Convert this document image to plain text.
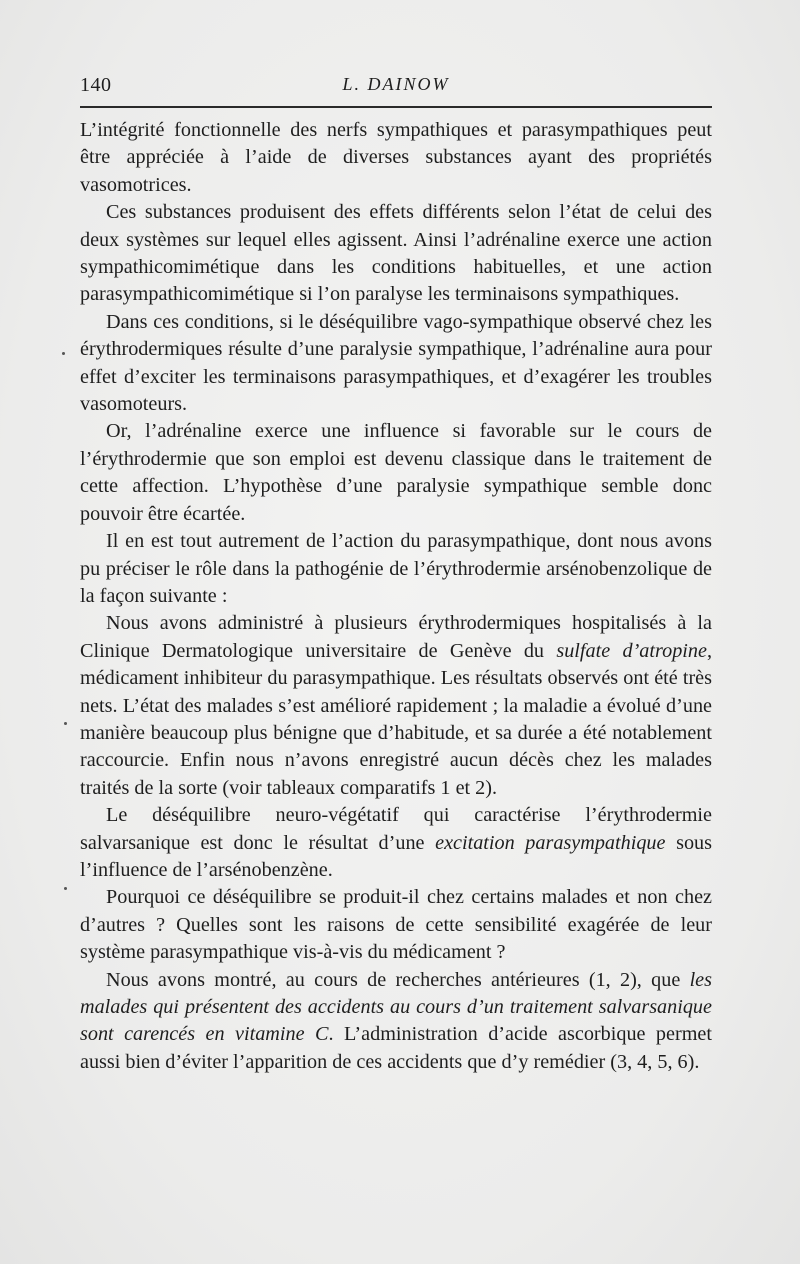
140	L. DAINOW

L’intégrité fonctionnelle des nerfs sympathiques et parasympathiques peut être appréciée à l’aide de diverses substances ayant des propriétés vasomotrices.

Ces substances produisent des effets différents selon l’état de celui des deux systèmes sur lequel elles agissent. Ainsi l’adrénaline exerce une action sympathicomimétique dans les conditions habituelles, et une action parasympathicomimétique si l’on paralyse les terminaisons sympathiques.

Dans ces conditions, si le déséquilibre vago-sympathique observé chez les érythrodermiques résulte d’une paralysie sympathique, l’adrénaline aura pour effet d’exciter les terminaisons parasympathiques, et d’exagérer les troubles vasomoteurs.

Or, l’adrénaline exerce une influence si favorable sur le cours de l’érythrodermie que son emploi est devenu classique dans le traitement de cette affection. L’hypothèse d’une paralysie sympathique semble donc pouvoir être écartée.

Il en est tout autrement de l’action du parasympathique, dont nous avons pu préciser le rôle dans la pathogénie de l’érythrodermie arsénobenzolique de la façon suivante :

Nous avons administré à plusieurs érythrodermiques hospitalisés à la Clinique Dermatologique universitaire de Genève du sulfate d’atropine, médicament inhibiteur du parasympathique. Les résultats observés ont été très nets. L’état des malades s’est amélioré rapidement ; la maladie a évolué d’une manière beaucoup plus bénigne que d’habitude, et sa durée a été notablement raccourcie. Enfin nous n’avons enregistré aucun décès chez les malades traités de la sorte (voir tableaux comparatifs 1 et 2).

Le déséquilibre neuro-végétatif qui caractérise l’érythrodermie salvarsanique est donc le résultat d’une excitation parasympathique sous l’influence de l’arsénobenzène.

Pourquoi ce déséquilibre se produit-il chez certains malades et non chez d’autres ? Quelles sont les raisons de cette sensibilité exagérée de leur système parasympathique vis-à-vis du médicament ?

Nous avons montré, au cours de recherches antérieures (1, 2), que les malades qui présentent des accidents au cours d’un traitement salvarsanique sont carencés en vitamine C. L’administration d’acide ascorbique permet aussi bien d’éviter l’apparition de ces accidents que d’y remédier (3, 4, 5, 6).
